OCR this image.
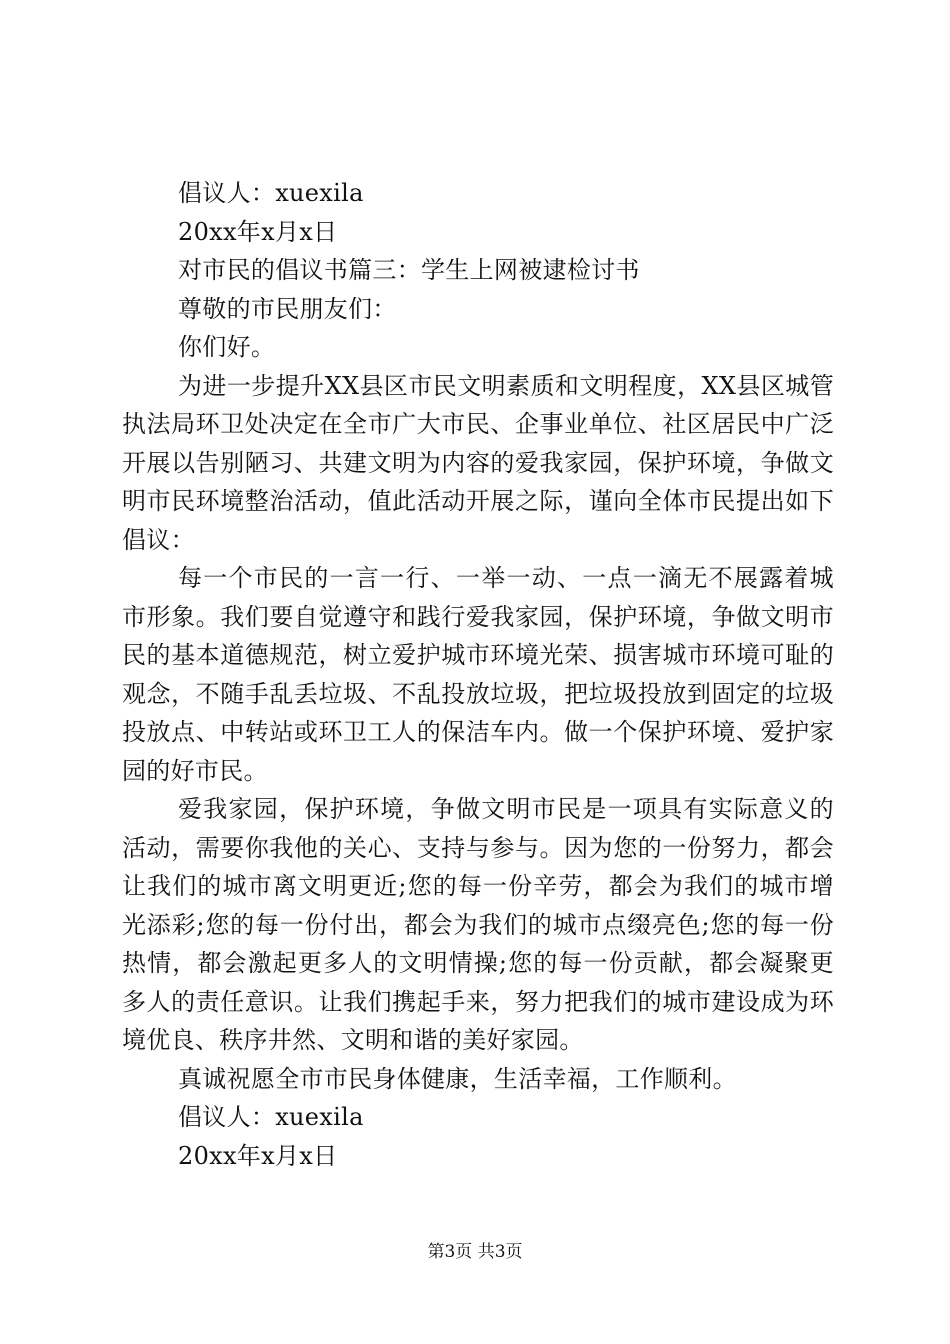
倡议人：xuexila

20xx年x月x日

对市民的倡议书篇三：学生上网被逮检讨书

尊敬的市民朋友们：

你们好。

为进一步提升XX县区市民文明素质和文明程度，XX县区城管执法局环卫处决定在全市广大市民、企事业单位、社区居民中广泛开展以告别陋习、共建文明为内容的爱我家园，保护环境，争做文明市民环境整治活动，值此活动开展之际，谨向全体市民提出如下倡议：

每一个市民的一言一行、一举一动、一点一滴无不展露着城市形象。我们要自觉遵守和践行爱我家园，保护环境，争做文明市民的基本道德规范，树立爱护城市环境光荣、损害城市环境可耻的观念，不随手乱丢垃圾、不乱投放垃圾，把垃圾投放到固定的垃圾投放点、中转站或环卫工人的保洁车内。做一个保护环境、爱护家园的好市民。

爱我家园，保护环境，争做文明市民是一项具有实际意义的活动，需要你我他的关心、支持与参与。因为您的一份努力，都会让我们的城市离文明更近;您的每一份辛劳，都会为我们的城市增光添彩;您的每一份付出，都会为我们的城市点缀亮色;您的每一份热情，都会激起更多人的文明情操;您的每一份贡献，都会凝聚更多人的责任意识。让我们携起手来，努力把我们的城市建设成为环境优良、秩序井然、文明和谐的美好家园。

真诚祝愿全市市民身体健康，生活幸福，工作顺利。

倡议人：xuexila

20xx年x月x日

第3页 共3页
